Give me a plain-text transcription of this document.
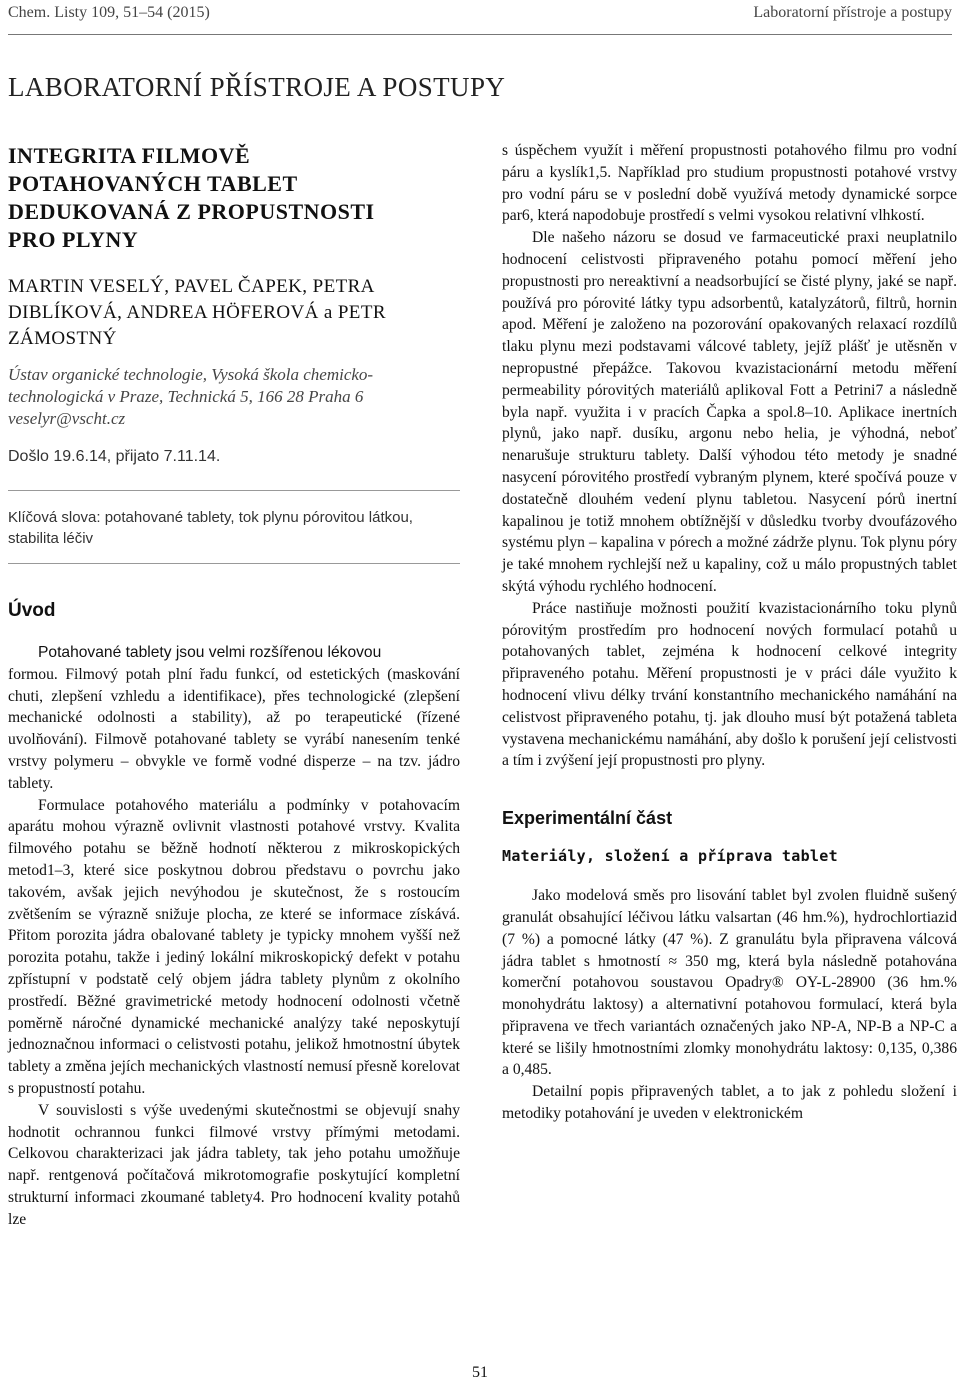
Chem. Listy 109, 51–54 (2015)	Laboratorní přístroje a postupy
LABORATORNÍ PŘÍSTROJE A POSTUPY
INTEGRITA FILMOVĚ
POTAHOVANÝCH TABLET
DEDUKOVANÁ Z PROPUSTNOSTI
PRO PLYNY
MARTIN VESELÝ, PAVEL ČAPEK, PETRA
DIBLÍKOVÁ, ANDREA HÖFEROVÁ a PETR
ZÁMOSTNÝ

Ústav organické technologie, Vysoká škola chemicko-
technologická v Praze, Technická 5, 166 28 Praha 6

veselyr@vscht.cz

Došlo 19.6.14, přijato 7.11.14.

Klíčová slova: potahované tablety, tok plynu pórovitou látkou, stabilita léčiv

Úvod

Potahované tablety jsou velmi rozšířenou lékovou

formou. Filmový potah plní řadu funkcí, od estetických (maskování chuti, zlepšení vzhledu a identifikace), přes technologické (zlepšení mechanické odolnosti a stability), až po terapeutické (řízené uvolňování). Filmově potahované tablety se vyrábí nanesením tenké vrstvy polymeru – obvykle ve formě vodné disperze – na tzv. jádro tablety.

Formulace potahového materiálu a podmínky v potahovacím aparátu mohou výrazně ovlivnit vlastnosti potahové vrstvy. Kvalita filmového potahu se běžně hodnotí některou z mikroskopických metod1–3, které sice poskytnou dobrou představu o povrchu jako takovém, avšak jejich nevýhodou je skutečnost, že s rostoucím zvětšením se výrazně snižuje plocha, ze které se informace získává. Přitom porozita jádra obalované tablety je typicky mnohem vyšší než porozita potahu, takže i jediný lokální mikroskopický defekt v potahu zpřístupní v podstatě celý objem jádra tablety plynům z okolního prostředí. Běžné gravimetrické metody hodnocení odolnosti včetně poměrně náročné dynamické mechanické analýzy také neposkytují jednoznačnou informaci o celistvosti potahu, jelikož hmotnostní úbytek tablety a změna jejích mechanických vlastností nemusí přesně korelovat s propustností potahu.

V souvislosti s výše uvedenými skutečnostmi se objevují snahy hodnotit ochrannou funkci filmové vrstvy přímými metodami. Celkovou charakterizaci jak jádra tablety, tak jeho potahu umožňuje např. rentgenová počítačová mikrotomografie poskytující kompletní strukturní informaci zkoumané tablety4. Pro hodnocení kvality potahů lze

s úspěchem využít i měření propustnosti potahového filmu pro vodní páru a kyslík1,5. Například pro studium propustnosti potahové vrstvy pro vodní páru se v poslední době využívá metody dynamické sorpce par6, která napodobuje prostředí s velmi vysokou relativní vlhkostí.

Dle našeho názoru se dosud ve farmaceutické praxi neuplatnilo hodnocení celistvosti připraveného potahu pomocí měření jeho propustnosti pro nereaktivní a neadsorbující se čisté plyny, jaké se např. používá pro pórovité látky typu adsorbentů, katalyzátorů, filtrů, hornin apod. Měření je založeno na pozorování opakovaných relaxací rozdílů tlaku plynu mezi podstavami válcové tablety, jejíž plášť je utěsněn v nepropustné přepážce. Takovou kvazistacionární metodu měření permeability pórovitých materiálů aplikoval Fott a Petrini7 a následně byla např. využita i v pracích Čapka a spol.8–10. Aplikace inertních plynů, jako např. dusíku, argonu nebo helia, je výhodná, neboť nenarušuje strukturu tablety. Další výhodou této metody je snadné nasycení pórovitého prostředí vybraným plynem, které spočívá pouze v dostatečně dlouhém vedení plynu tabletou. Nasycení pórů inertní kapalinou je totiž mnohem obtížnější v důsledku tvorby dvoufázového systému plyn – kapalina v pórech a možné zádrže plynu. Tok plynu póry je také mnohem rychlejší než u kapaliny, což u málo propustných tablet skýtá výhodu rychlého hodnocení.

Práce nastiňuje možnosti použití kvazistacionárního toku plynů pórovitým prostředím pro hodnocení nových formulací potahů u potahovaných tablet, zejména k hodnocení celkové integrity připraveného potahu. Měření propustnosti je v práci dále využito k hodnocení vlivu délky trvání konstantního mechanického namáhání na celistvost připraveného potahu, tj. jak dlouho musí být potažená tableta vystavena mechanickému namáhání, aby došlo k porušení její celistvosti a tím i zvýšení její propustnosti pro plyny.

Experimentální část
Materiály, složení a příprava tablet

Jako modelová směs pro lisování tablet byl zvolen fluidně sušený granulát obsahující léčivou látku valsartan (46 hm.%), hydrochlortiazid (7 %) a pomocné látky (47 %). Z granulátu byla připravena válcová jádra tablet s hmotností ≈ 350 mg, která byla následně potahována komerční potahovou soustavou Opadry® OY-L-28900 (36 hm.% monohydrátu laktosy) a alternativní potahovou formulací, která byla připravena ve třech variantách označených jako NP-A, NP-B a NP-C a které se lišily hmotnostními zlomky monohydrátu laktosy: 0,135, 0,386 a 0,485.

Detailní popis připravených tablet, a to jak z pohledu složení i metodiky potahování je uveden v elektronickém

51
